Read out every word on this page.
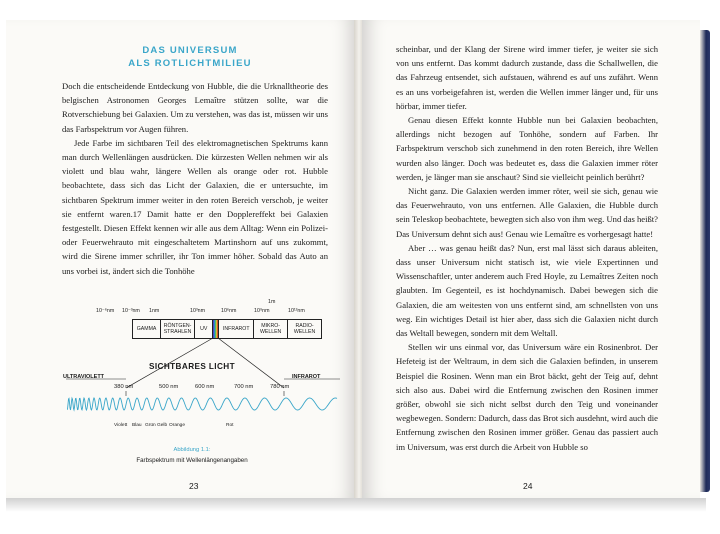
DAS UNIVERSUM
ALS ROTLICHTMILIEU

Doch die entscheidende Entdeckung von Hubble, die die Urknalltheorie des belgischen Astronomen Georges Lemaître stützen sollte, war die Rotverschiebung bei Galaxien. Um zu verstehen, was das ist, müssen wir uns das Farbspektrum vor Augen führen.

Jede Farbe im sichtbaren Teil des elektromagnetischen Spektrums kann man durch Wellenlängen ausdrücken. Die kürzesten Wellen nehmen wir als violett und blau wahr, längere Wellen als orange oder rot. Hubble beobachtete, dass sich das Licht der Galaxien, die er untersuchte, im sichtbaren Spektrum immer weiter in den roten Bereich verschob, je weiter sie entfernt waren.17 Damit hatte er den Dopplereffekt bei Galaxien festgestellt. Diesen Effekt kennen wir alle aus dem Alltag: Wenn ein Polizei- oder Feuerwehrauto mit eingeschaltetem Martinshorn auf uns zukommt, wird die Sirene immer schriller, ihr Ton immer höher. Sobald das Auto an uns vorbei ist, ändert sich die Tonhöhe

10⁻⁶nm 10⁻³nm 1nm	10³nm	10⁶nm	10⁹nm
1m
10¹²nm
GAMMA	RÖNTGEN-STRAHLEN	UV	INFRAROT	MIKRO-WELLEN
RADIO-WELLEN
SICHTBARES LICHT
ULTRAVIOLETT	INFRAROT
380 nm	500 nm	600 nm	700 nm	780 nm
Violett Blau Grün Gelb Orange	Rot
Abbildung 1.1:
Farbspektrum mit Wellenlängenangaben
23

scheinbar, und der Klang der Sirene wird immer tiefer, je weiter sie sich von uns entfernt. Das kommt dadurch zustande, dass die Schallwellen, die das Fahrzeug entsendet, sich aufstauen, während es auf uns zufährt. Wenn es an uns vorbeigefahren ist, werden die Wellen immer länger und, für uns hörbar, immer tiefer.

Genau diesen Effekt konnte Hubble nun bei Galaxien beobachten, allerdings nicht bezogen auf Tonhöhe, sondern auf Farben. Ihr Farbspektrum verschob sich zunehmend in den roten Bereich, ihre Wellen wurden also länger. Doch was bedeutet es, dass die Galaxien immer röter werden, je länger man sie anschaut? Sind sie vielleicht peinlich berührt?

Nicht ganz. Die Galaxien werden immer röter, weil sie sich, genau wie das Feuerwehrauto, von uns entfernen. Alle Galaxien, die Hubble durch sein Teleskop beobachtete, bewegten sich also von ihm weg. Und das heißt? Das Universum dehnt sich aus! Genau wie Lemaître es vorhergesagt hatte!

Aber … was genau heißt das? Nun, erst mal lässt sich daraus ableiten, dass unser Universum nicht statisch ist, wie viele Expertinnen und Wissenschaftler, unter anderem auch Fred Hoyle, zu Lemaîtres Zeiten noch glaubten. Im Gegenteil, es ist hochdynamisch. Dabei bewegen sich die Galaxien, die am weitesten von uns entfernt sind, am schnellsten von uns weg. Ein wichtiges Detail ist hier aber, dass sich die Galaxien nicht durch das Weltall bewegen, sondern mit dem Weltall.

Stellen wir uns einmal vor, das Universum wäre ein Rosinenbrot. Der Hefeteig ist der Weltraum, in dem sich die Galaxien befinden, in unserem Beispiel die Rosinen. Wenn man ein Brot bäckt, geht der Teig auf, dehnt sich also aus. Dabei wird die Entfernung zwischen den Rosinen immer größer, obwohl sie sich nicht selbst durch den Teig und voneinander wegbewegen. Sondern: Dadurch, dass das Brot sich ausdehnt, wird auch die Entfernung zwischen den Rosinen immer größer. Genau das passiert auch im Universum, was erst durch die Arbeit von Hubble so

24
